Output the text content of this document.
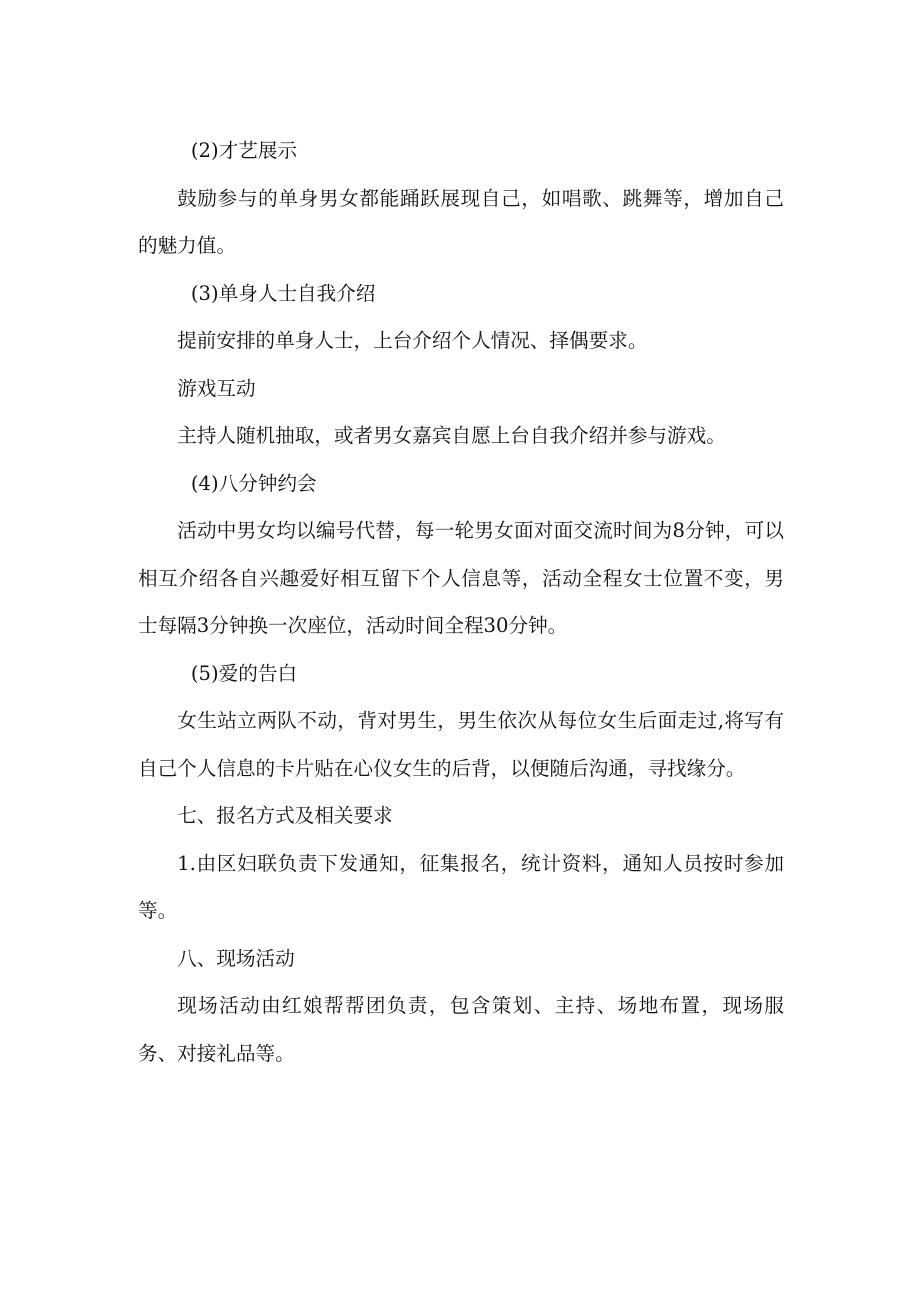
(2)才艺展示

鼓励参与的单身男女都能踊跃展现自己，如唱歌、跳舞等，增加自己的魅力值。

(3)单身人士自我介绍

提前安排的单身人士，上台介绍个人情况、择偶要求。

游戏互动

主持人随机抽取，或者男女嘉宾自愿上台自我介绍并参与游戏。

(4)八分钟约会

活动中男女均以编号代替，每一轮男女面对面交流时间为8分钟，可以相互介绍各自兴趣爱好相互留下个人信息等，活动全程女士位置不变，男士每隔3分钟换一次座位，活动时间全程30分钟。

(5)爱的告白

女生站立两队不动，背对男生，男生依次从每位女生后面走过,将写有自己个人信息的卡片贴在心仪女生的后背，以便随后沟通，寻找缘分。

七、报名方式及相关要求

1.由区妇联负责下发通知，征集报名，统计资料，通知人员按时参加等。

八、现场活动

现场活动由红娘帮帮团负责，包含策划、主持、场地布置，现场服务、对接礼品等。
